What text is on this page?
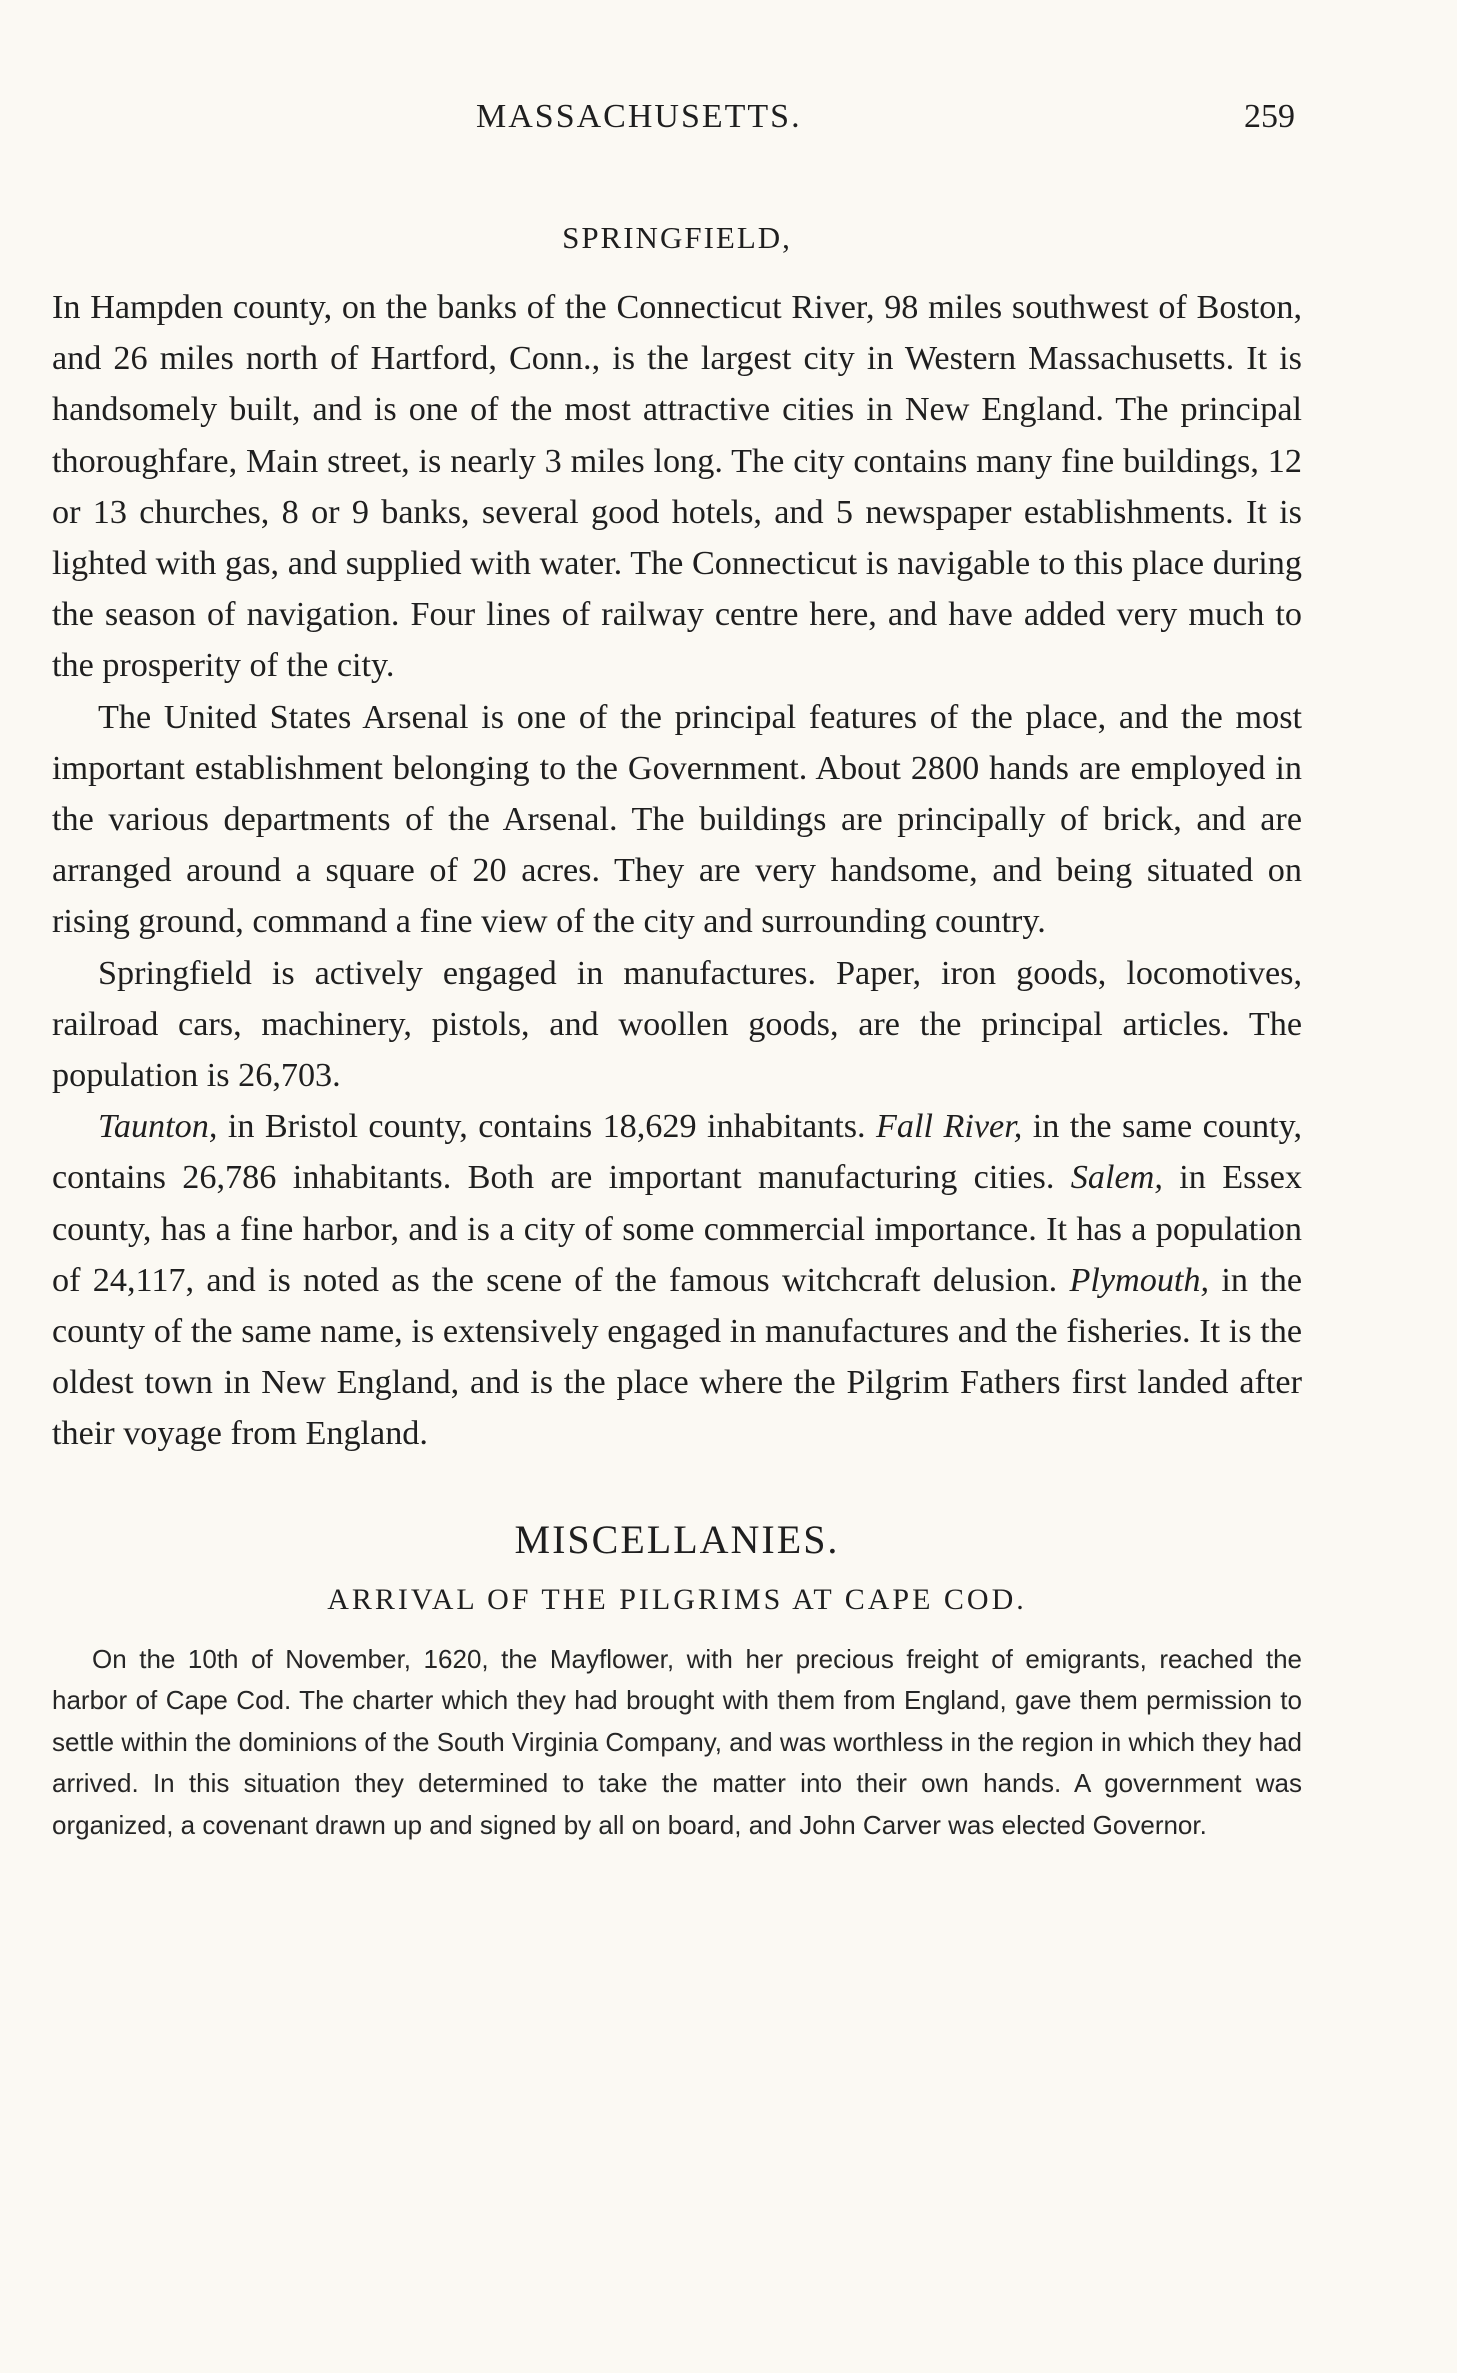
MASSACHUSETTS.	259
SPRINGFIELD,

In Hampden county, on the banks of the Connecticut River, 98 miles southwest of Boston, and 26 miles north of Hartford, Conn., is the largest city in Western Massachusetts. It is handsomely built, and is one of the most attractive cities in New England. The principal thoroughfare, Main street, is nearly 3 miles long. The city contains many fine buildings, 12 or 13 churches, 8 or 9 banks, several good hotels, and 5 newspaper establishments. It is lighted with gas, and supplied with water. The Connecticut is navigable to this place during the season of navigation. Four lines of railway centre here, and have added very much to the prosperity of the city.

The United States Arsenal is one of the principal features of the place, and the most important establishment belonging to the Government. About 2800 hands are employed in the various departments of the Arsenal. The buildings are principally of brick, and are arranged around a square of 20 acres. They are very handsome, and being situated on rising ground, command a fine view of the city and surrounding country.

Springfield is actively engaged in manufactures. Paper, iron goods, locomotives, railroad cars, machinery, pistols, and woollen goods, are the principal articles. The population is 26,703.

Taunton, in Bristol county, contains 18,629 inhabitants. Fall River, in the same county, contains 26,786 inhabitants. Both are important manufacturing cities. Salem, in Essex county, has a fine harbor, and is a city of some commercial importance. It has a population of 24,117, and is noted as the scene of the famous witchcraft delusion. Plymouth, in the county of the same name, is extensively engaged in manufactures and the fisheries. It is the oldest town in New England, and is the place where the Pilgrim Fathers first landed after their voyage from England.

MISCELLANIES.
ARRIVAL OF THE PILGRIMS AT CAPE COD.

On the 10th of November, 1620, the Mayflower, with her precious freight of emigrants, reached the harbor of Cape Cod. The charter which they had brought with them from England, gave them permission to settle within the dominions of the South Virginia Company, and was worthless in the region in which they had arrived. In this situation they determined to take the matter into their own hands. A government was organized, a covenant drawn up and signed by all on board, and John Carver was elected Governor.
